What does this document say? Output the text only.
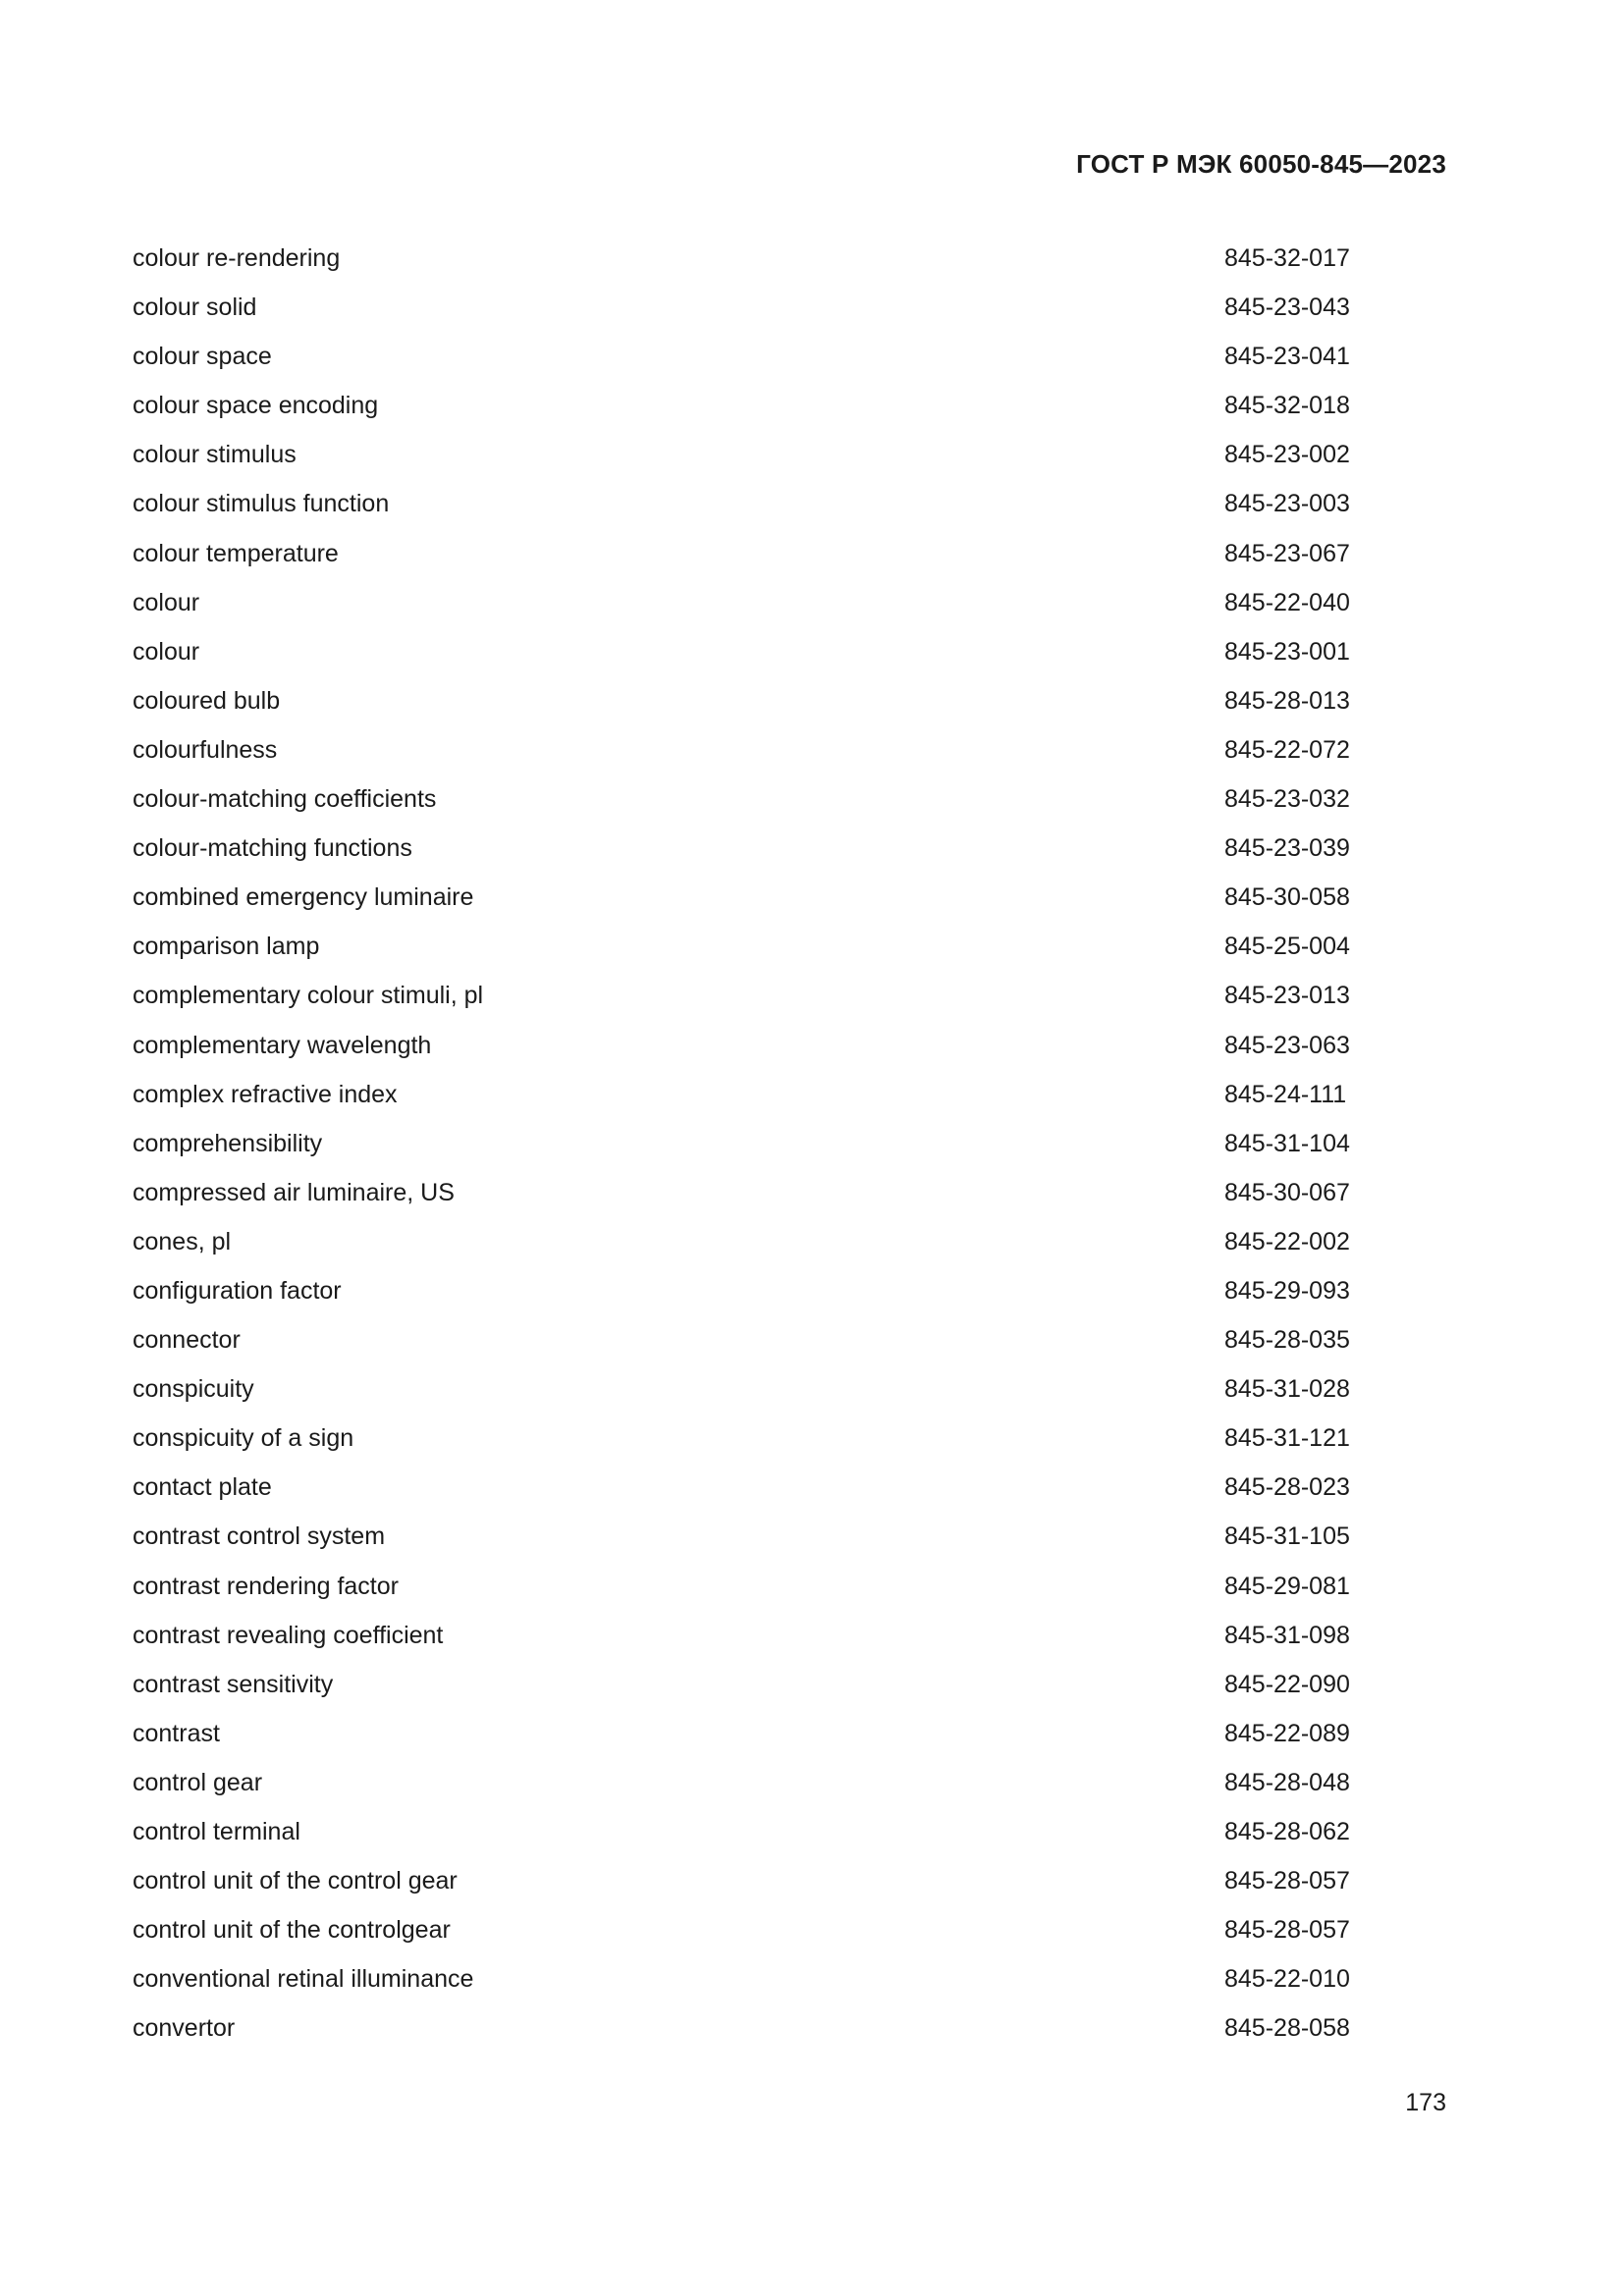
ГОСТ Р МЭК 60050-845—2023
colour re-rendering	845-32-017
colour solid	845-23-043
colour space	845-23-041
colour space encoding	845-32-018
colour stimulus	845-23-002
colour stimulus function	845-23-003
colour temperature	845-23-067
colour	845-22-040
colour	845-23-001
coloured bulb	845-28-013
colourfulness	845-22-072
colour-matching coefficients	845-23-032
colour-matching functions	845-23-039
combined emergency luminaire	845-30-058
comparison lamp	845-25-004
complementary colour stimuli, pl	845-23-013
complementary wavelength	845-23-063
complex refractive index	845-24-111
comprehensibility	845-31-104
compressed air luminaire, US	845-30-067
cones, pl	845-22-002
configuration factor	845-29-093
connector	845-28-035
conspicuity	845-31-028
conspicuity of a sign	845-31-121
contact plate	845-28-023
contrast control system	845-31-105
contrast rendering factor	845-29-081
contrast revealing coefficient	845-31-098
contrast sensitivity	845-22-090
contrast	845-22-089
control gear	845-28-048
control terminal	845-28-062
control unit of the control gear	845-28-057
control unit of the controlgear	845-28-057
conventional retinal illuminance	845-22-010
convertor	845-28-058
173
